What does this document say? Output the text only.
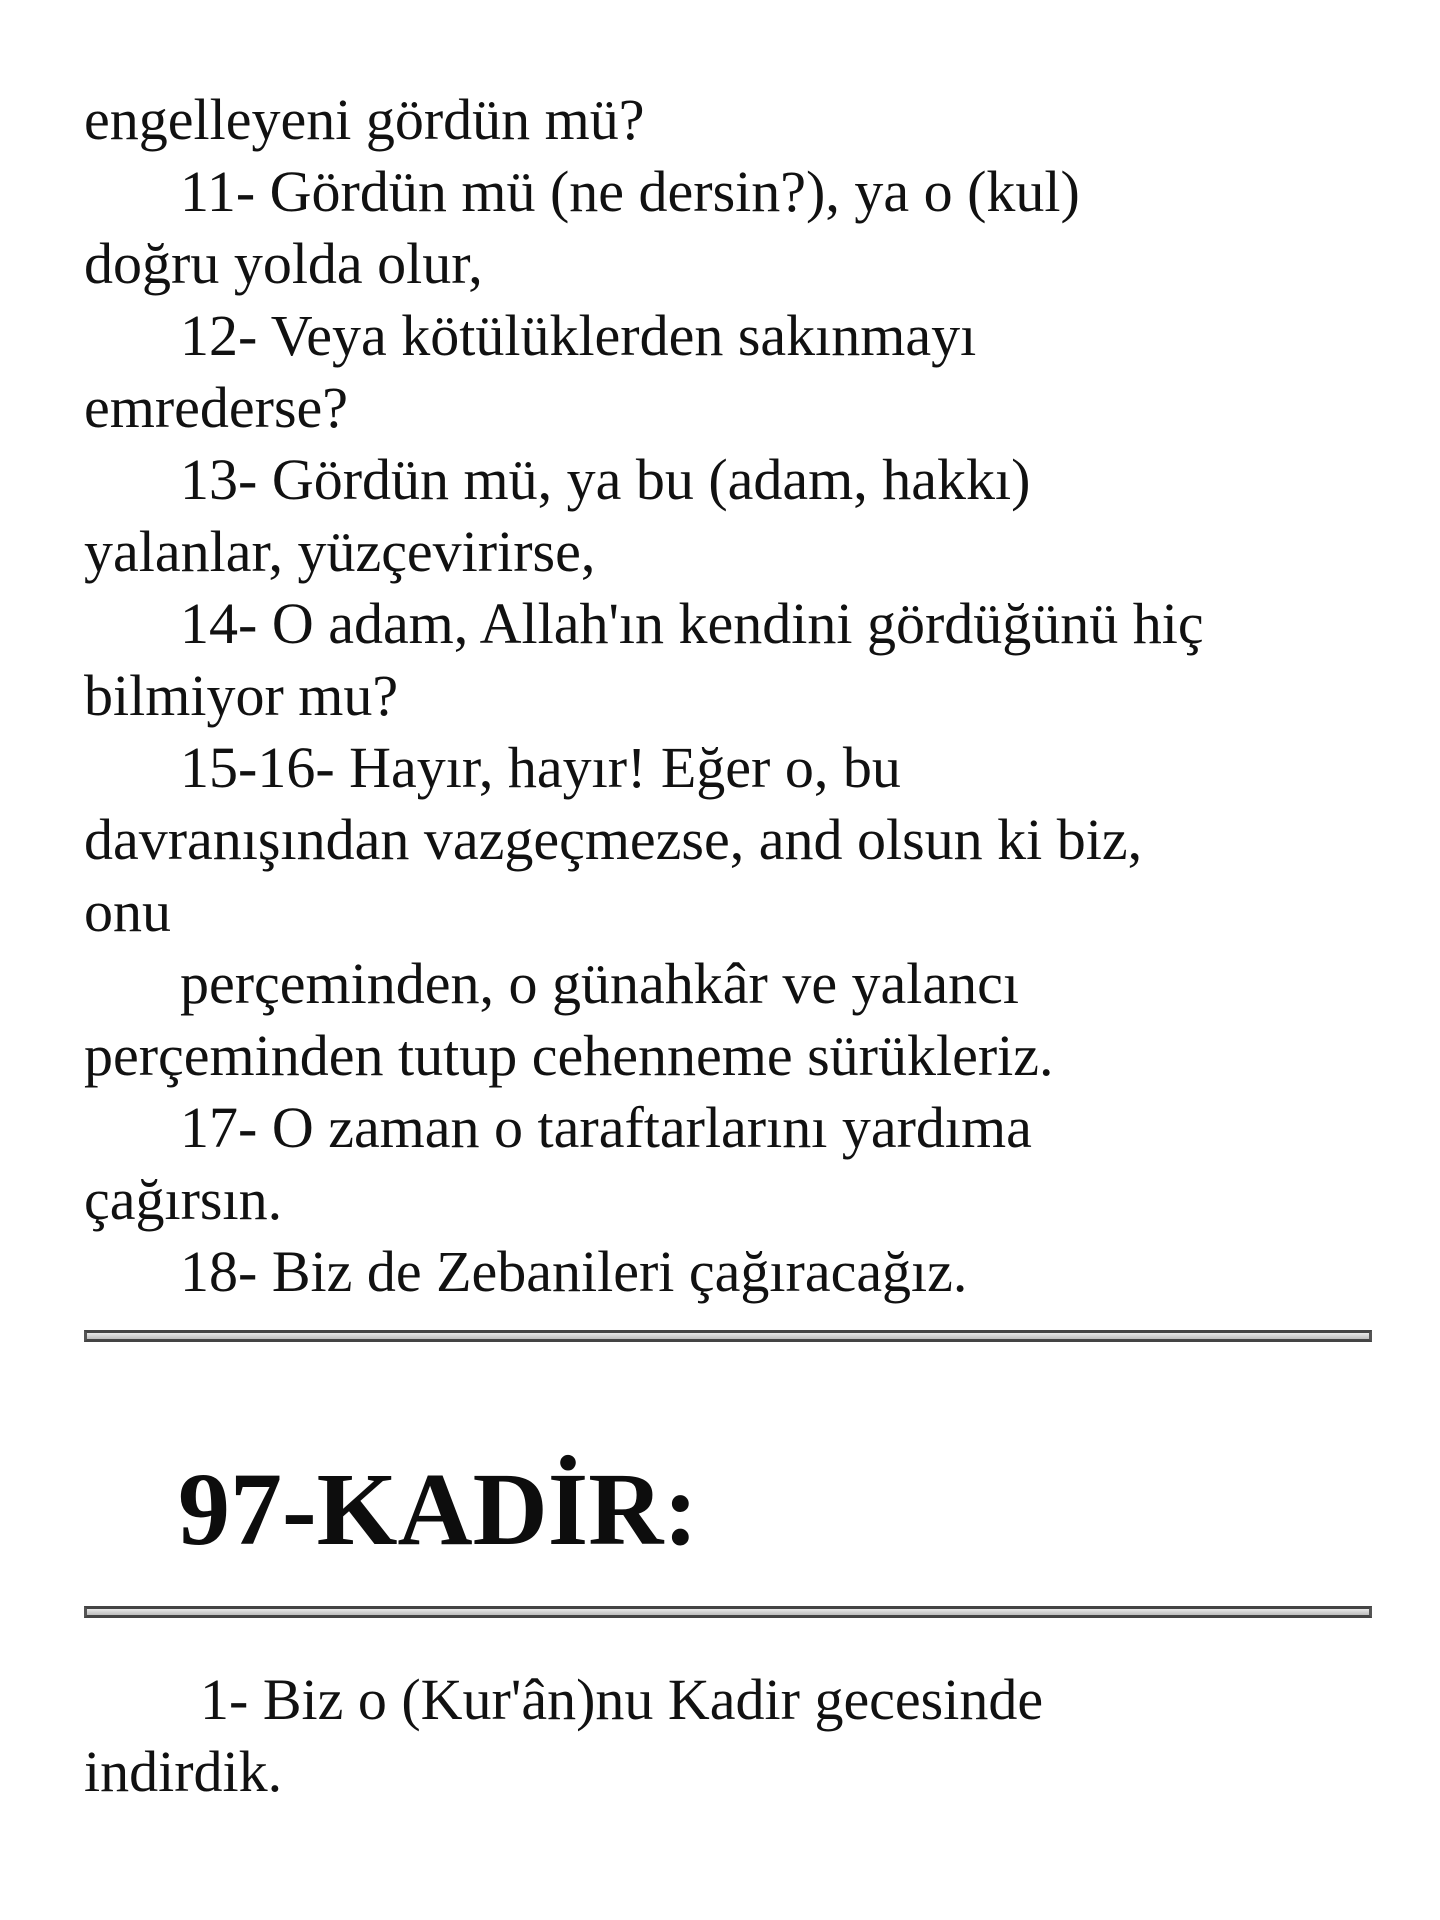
engelleyeni gördün mü?

11- Gördün mü (ne dersin?), ya o (kul)

doğru yolda olur,

12- Veya kötülüklerden sakınmayı

emrederse?

13- Gördün mü, ya bu (adam, hakkı)

yalanlar, yüzçevirirse,

14- O adam, Allah'ın kendini gördüğünü hiç

bilmiyor mu?

15-16- Hayır, hayır! Eğer o, bu

davranışından vazgeçmezse, and olsun ki biz,

onu

perçeminden, o günahkâr ve yalancı

perçeminden tutup cehenneme sürükleriz.

17- O zaman o taraftarlarını yardıma

çağırsın.

18- Biz de Zebanileri çağıracağız.

97-KADİR:

1- Biz o (Kur'ân)nu Kadir gecesinde

indirdik.
